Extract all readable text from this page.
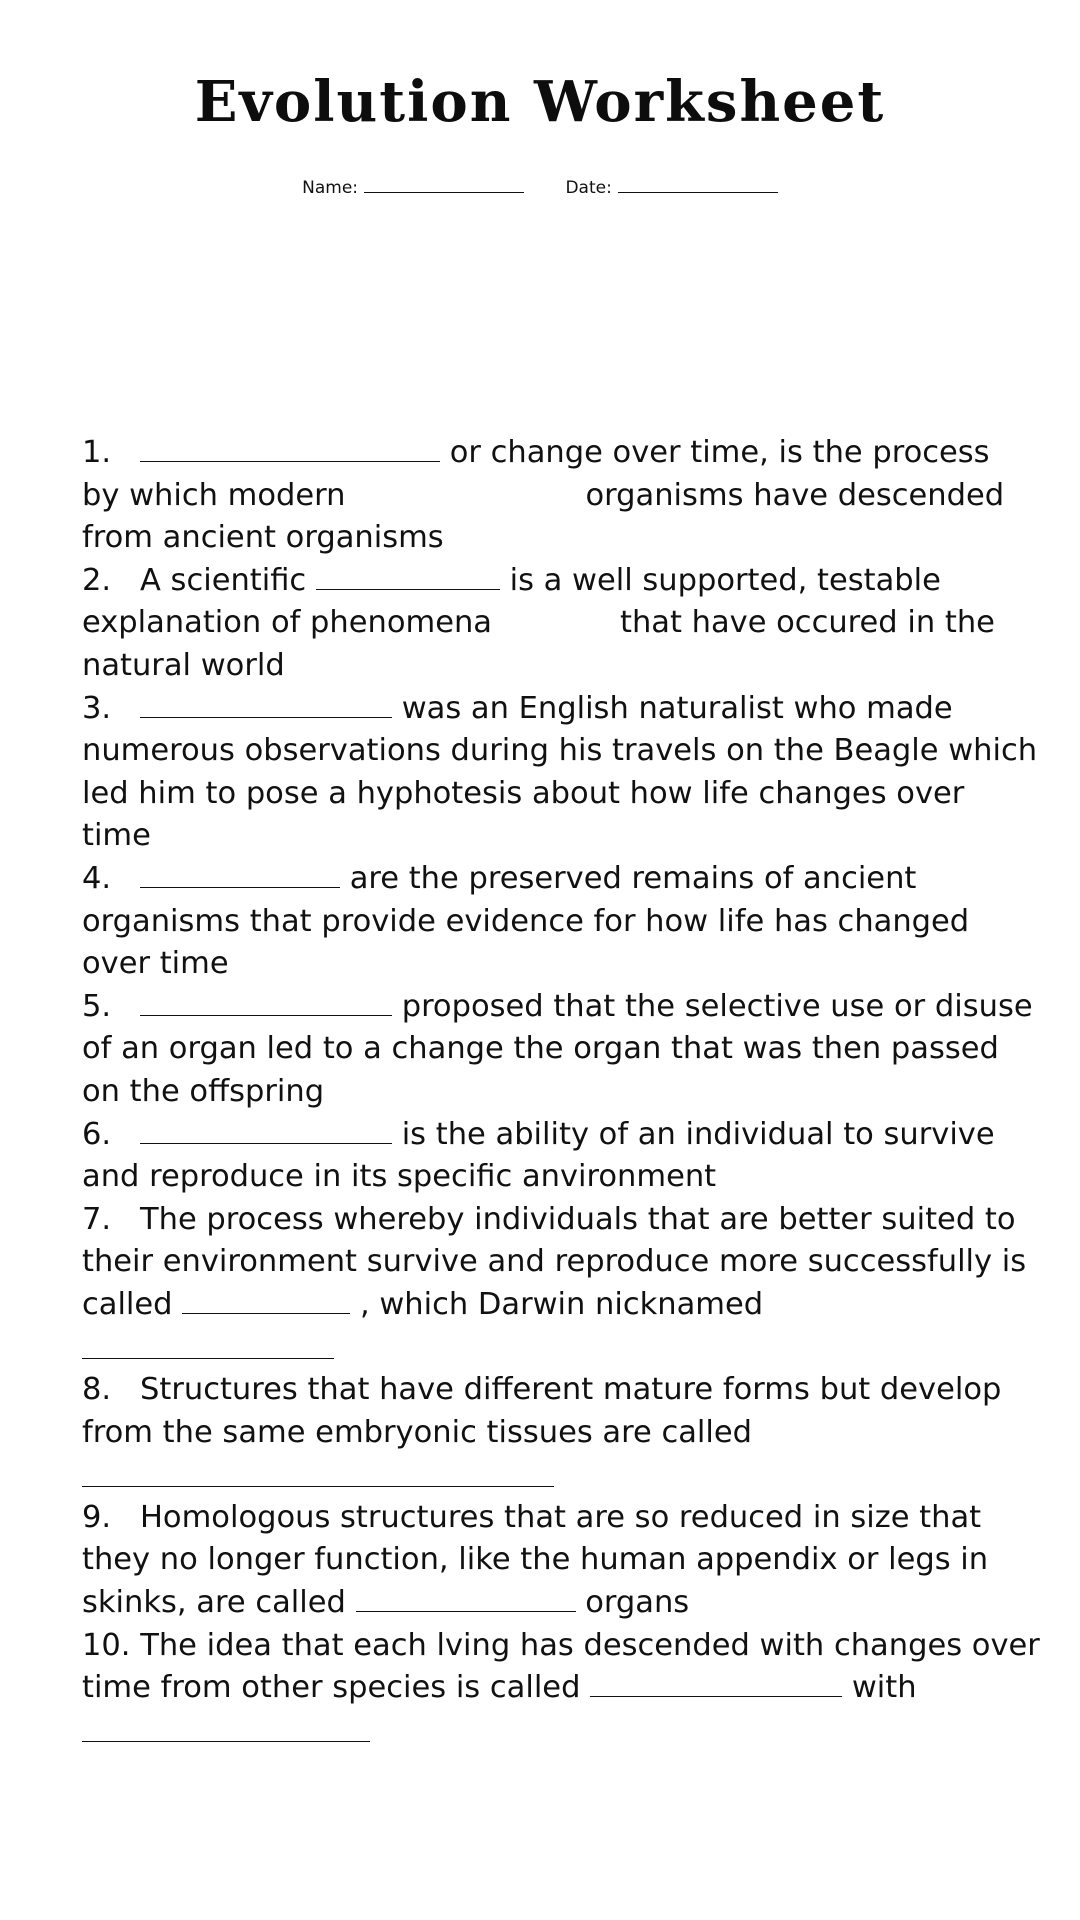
Evolution Worksheet
Name:	Date:
1.	or change over time, is the process
by which modern	organisms have descended
from ancient organisms
2. A scientific	is a well supported, testable
explanation of phenomena	that have occured in the
natural world
3.	was an English naturalist who made
numerous observations during his travels on the Beagle which
led him to pose a hyphotesis about how life changes over
time
4.	are the preserved remains of ancient
organisms that provide evidence for how life has changed
over time
5.	proposed that the selective use or disuse
of an organ led to a change the organ that was then passed
on the offspring
6.	is the ability of an individual to survive
and reproduce in its specific anvironment
7. The process whereby individuals that are better suited to
their environment survive and reproduce more successfully is
called	, which Darwin nicknamed
8. Structures that have different mature forms but develop
from the same embryonic tissues are called
9. Homologous structures that are so reduced in size that
they no longer function, like the human appendix or legs in
skinks, are called	organs
10. The idea that each lving has descended with changes over
time from other species is called	with
